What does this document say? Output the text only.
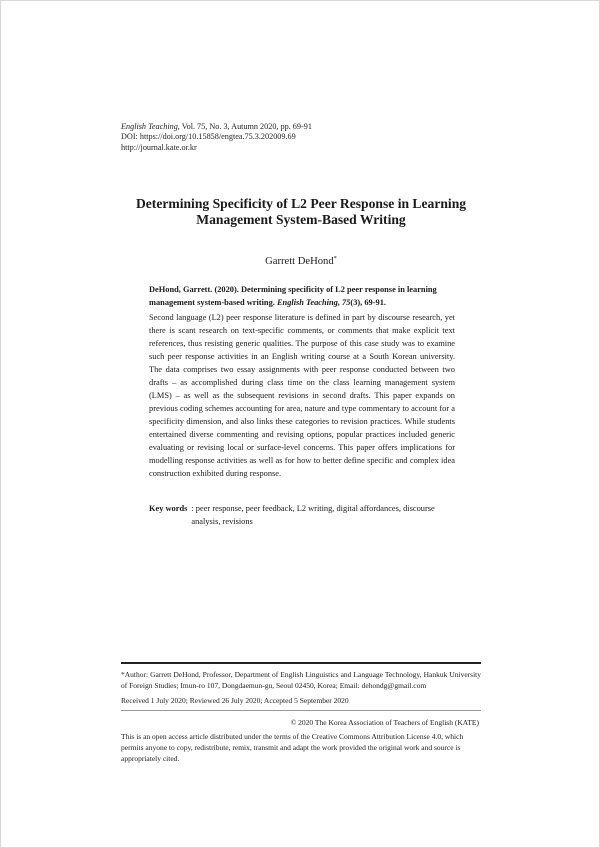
English Teaching, Vol. 75, No. 3, Autumn 2020, pp. 69-91
DOI: https://doi.org/10.15858/engtea.75.3.202009.69
http://journal.kate.or.kr
Determining Specificity of L2 Peer Response in Learning
Management System-Based Writing
Garrett DeHond*
DeHond, Garrett. (2020). Determining specificity of L2 peer response in learning management system-based writing. English Teaching, 75(3), 69-91.
Second language (L2) peer response literature is defined in part by discourse research, yet there is scant research on text-specific comments, or comments that make explicit text references, thus resisting generic qualities. The purpose of this case study was to examine such peer response activities in an English writing course at a South Korean university. The data comprises two essay assignments with peer response conducted between two drafts – as accomplished during class time on the class learning management system (LMS) – as well as the subsequent revisions in second drafts. This paper expands on previous coding schemes accounting for area, nature and type commentary to account for a specificity dimension, and also links these categories to revision practices. While students entertained diverse commenting and revising options, popular practices included generic evaluating or revising local or surface-level concerns. This paper offers implications for modelling response activities as well as for how to better define specific and complex idea construction exhibited during response.
Key words : peer response, peer feedback, L2 writing, digital affordances, discourse analysis, revisions
*Author: Garrett DeHond, Professor, Department of English Linguistics and Language Technology, Hankuk University of Foreign Studies; Imun-ro 107, Dongdaemun-gu, Seoul 02450, Korea; Email: dehondg@gmail.com
Received 1 July 2020; Reviewed 26 July 2020; Accepted 5 September 2020
© 2020 The Korea Association of Teachers of English (KATE)
This is an open access article distributed under the terms of the Creative Commons Attribution License 4.0, which permits anyone to copy, redistribute, remix, transmit and adapt the work provided the original work and source is appropriately cited.
